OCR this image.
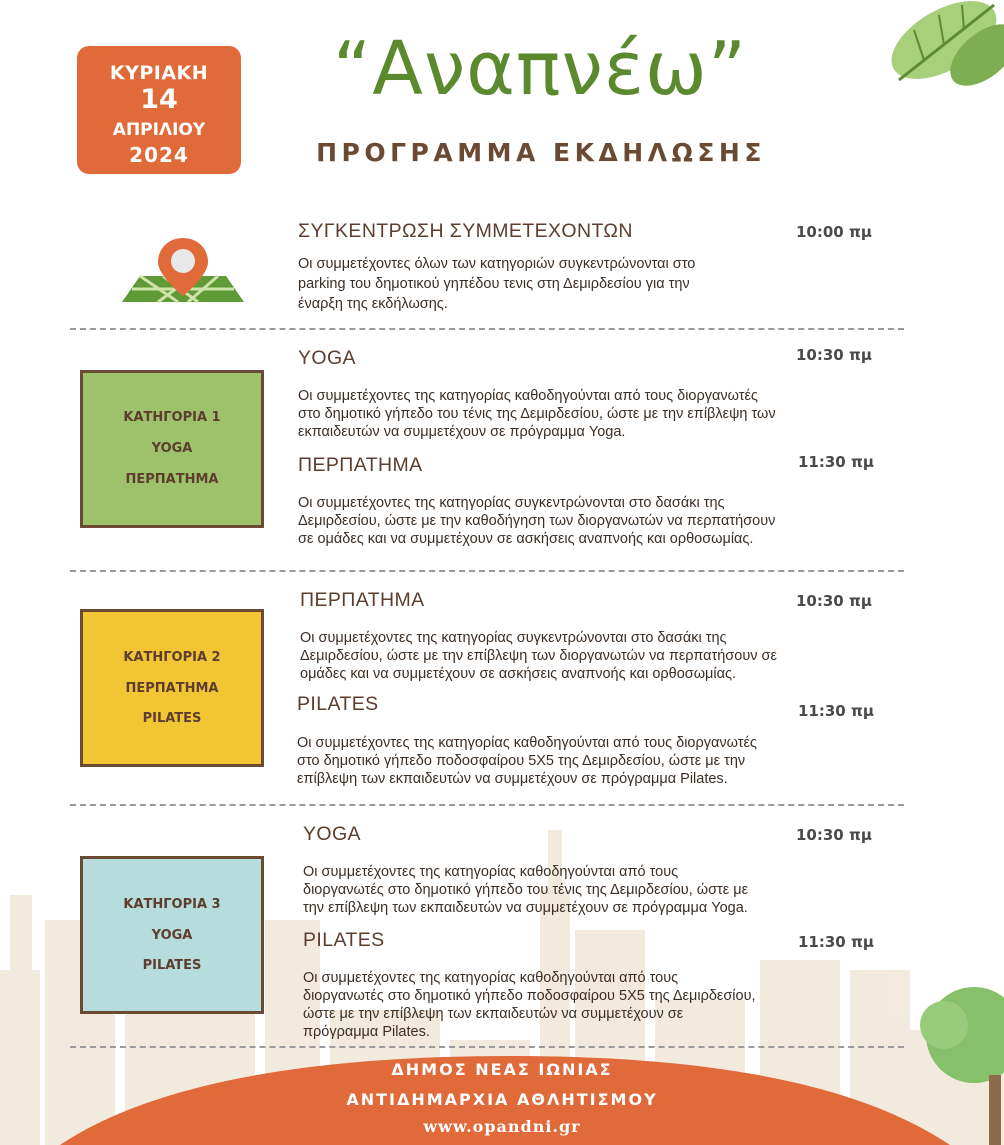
ΚΥΡΙΑΚΗ
14
ΑΠΡΙΛΙΟΥ
2024
“Αναπνέω”
ΠΡΟΓΡΑΜΜΑ ΕΚΔΗΛΩΣΗΣ
ΣΥΓΚΕΝΤΡΩΣΗ ΣΥΜΜΕΤΕΧΟΝΤΩΝ	10:00 πμ
Οι συμμετέχοντες όλων των κατηγοριών συγκεντρώνονται στο
parking του δημοτικού γηπέδου τενις στη Δεμιρδεσίου για την
έναρξη της εκδήλωσης.
ΚΑΤΗΓΟΡΙΑ 1
YOGA
ΠΕΡΠΑΤΗΜΑ
YOGA	10:30 πμ
Οι συμμετέχοντες της κατηγορίας καθοδηγούνται από τους διοργανωτές
στο δημοτικό γήπεδο του τένις της Δεμιρδεσίου, ώστε με την επίβλεψη των
εκπαιδευτών να συμμετέχουν σε πρόγραμμα Yoga.
ΠΕΡΠΑΤΗΜΑ	11:30 πμ
Οι συμμετέχοντες της κατηγορίας συγκεντρώνονται στο δασάκι της
Δεμιρδεσίου, ώστε με την καθοδήγηση των διοργανωτών να περπατήσουν
σε ομάδες και να συμμετέχουν σε ασκήσεις αναπνοής και ορθοσωμίας.
ΚΑΤΗΓΟΡΙΑ 2
ΠΕΡΠΑΤΗΜΑ
PILATES
ΠΕΡΠΑΤΗΜΑ	10:30 πμ
Οι συμμετέχοντες της κατηγορίας συγκεντρώνονται στο δασάκι της
Δεμιρδεσίου, ώστε με την επίβλεψη των διοργανωτών να περπατήσουν σε
ομάδες και να συμμετέχουν σε ασκήσεις αναπνοής και ορθοσωμίας.
PILATES	11:30 πμ
Οι συμμετέχοντες της κατηγορίας καθοδηγούνται από τους διοργανωτές
στο δημοτικό γήπεδο ποδοσφαίρου 5Χ5 της Δεμιρδεσίου, ώστε με την
επίβλεψη των εκπαιδευτών να συμμετέχουν σε πρόγραμμα Pilates.
ΚΑΤΗΓΟΡΙΑ 3
YOGA
PILATES
YOGA	10:30 πμ
Οι συμμετέχοντες της κατηγορίας καθοδηγούνται από τους
διοργανωτές στο δημοτικό γήπεδο του τένις της Δεμιρδεσίου, ώστε με
την επίβλεψη των εκπαιδευτών να συμμετέχουν σε πρόγραμμα Yoga.
PILATES	11:30 πμ
Οι συμμετέχοντες της κατηγορίας καθοδηγούνται από τους
διοργανωτές στο δημοτικό γήπεδο ποδοσφαίρου 5Χ5 της Δεμιρδεσίου,
ώστε με την επίβλεψη των εκπαιδευτών να συμμετέχουν σε
πρόγραμμα Pilates.
ΔΗΜΟΣ ΝΕΑΣ ΙΩΝΙΑΣ
ΑΝΤΙΔΗΜΑΡΧΙΑ ΑΘΛΗΤΙΣΜΟΥ
www.opandni.gr
